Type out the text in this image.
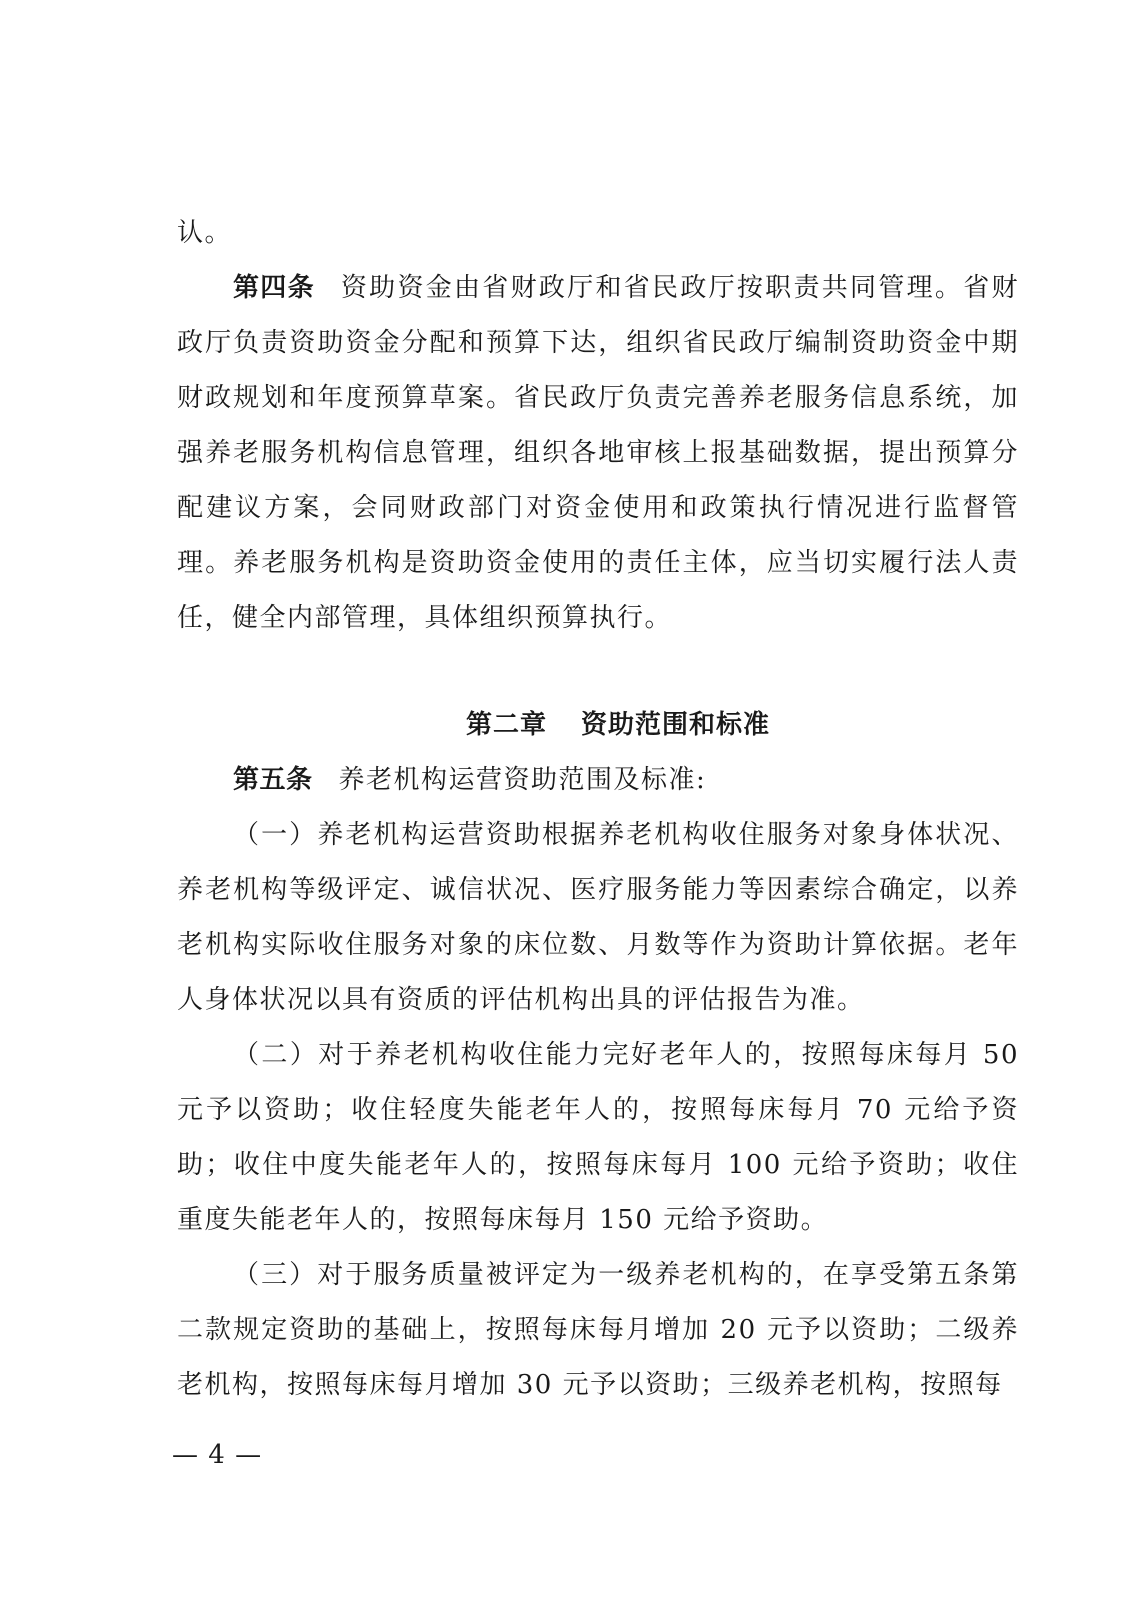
认。

第四条 资助资金由省财政厅和省民政厅按职责共同管理。省财政厅负责资助资金分配和预算下达，组织省民政厅编制资助资金中期财政规划和年度预算草案。省民政厅负责完善养老服务信息系统，加强养老服务机构信息管理，组织各地审核上报基础数据，提出预算分配建议方案，会同财政部门对资金使用和政策执行情况进行监督管理。养老服务机构是资助资金使用的责任主体，应当切实履行法人责任，健全内部管理，具体组织预算执行。

第二章 资助范围和标准

第五条 养老机构运营资助范围及标准:

（一）养老机构运营资助根据养老机构收住服务对象身体状况、养老机构等级评定、诚信状况、医疗服务能力等因素综合确定，以养老机构实际收住服务对象的床位数、月数等作为资助计算依据。老年人身体状况以具有资质的评估机构出具的评估报告为准。

（二）对于养老机构收住能力完好老年人的，按照每床每月 50 元予以资助；收住轻度失能老年人的，按照每床每月 70 元给予资助；收住中度失能老年人的，按照每床每月 100 元给予资助；收住重度失能老年人的，按照每床每月 150 元给予资助。

（三）对于服务质量被评定为一级养老机构的，在享受第五条第二款规定资助的基础上，按照每床每月增加 20 元予以资助；二级养老机构，按照每床每月增加 30 元予以资助；三级养老机构，按照每

— 4 —
